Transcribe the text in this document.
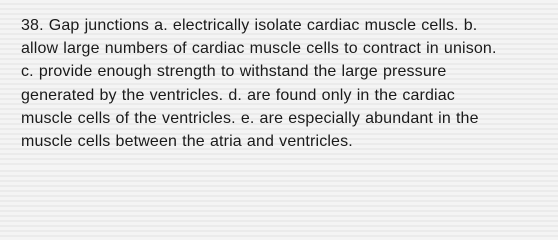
38. Gap junctions a. electrically isolate cardiac muscle cells. b.
allow large numbers of cardiac muscle cells to contract in unison.
c. provide enough strength to withstand the large pressure
generated by the ventricles. d. are found only in the cardiac
muscle cells of the ventricles. e. are especially abundant in the
muscle cells between the atria and ventricles.
